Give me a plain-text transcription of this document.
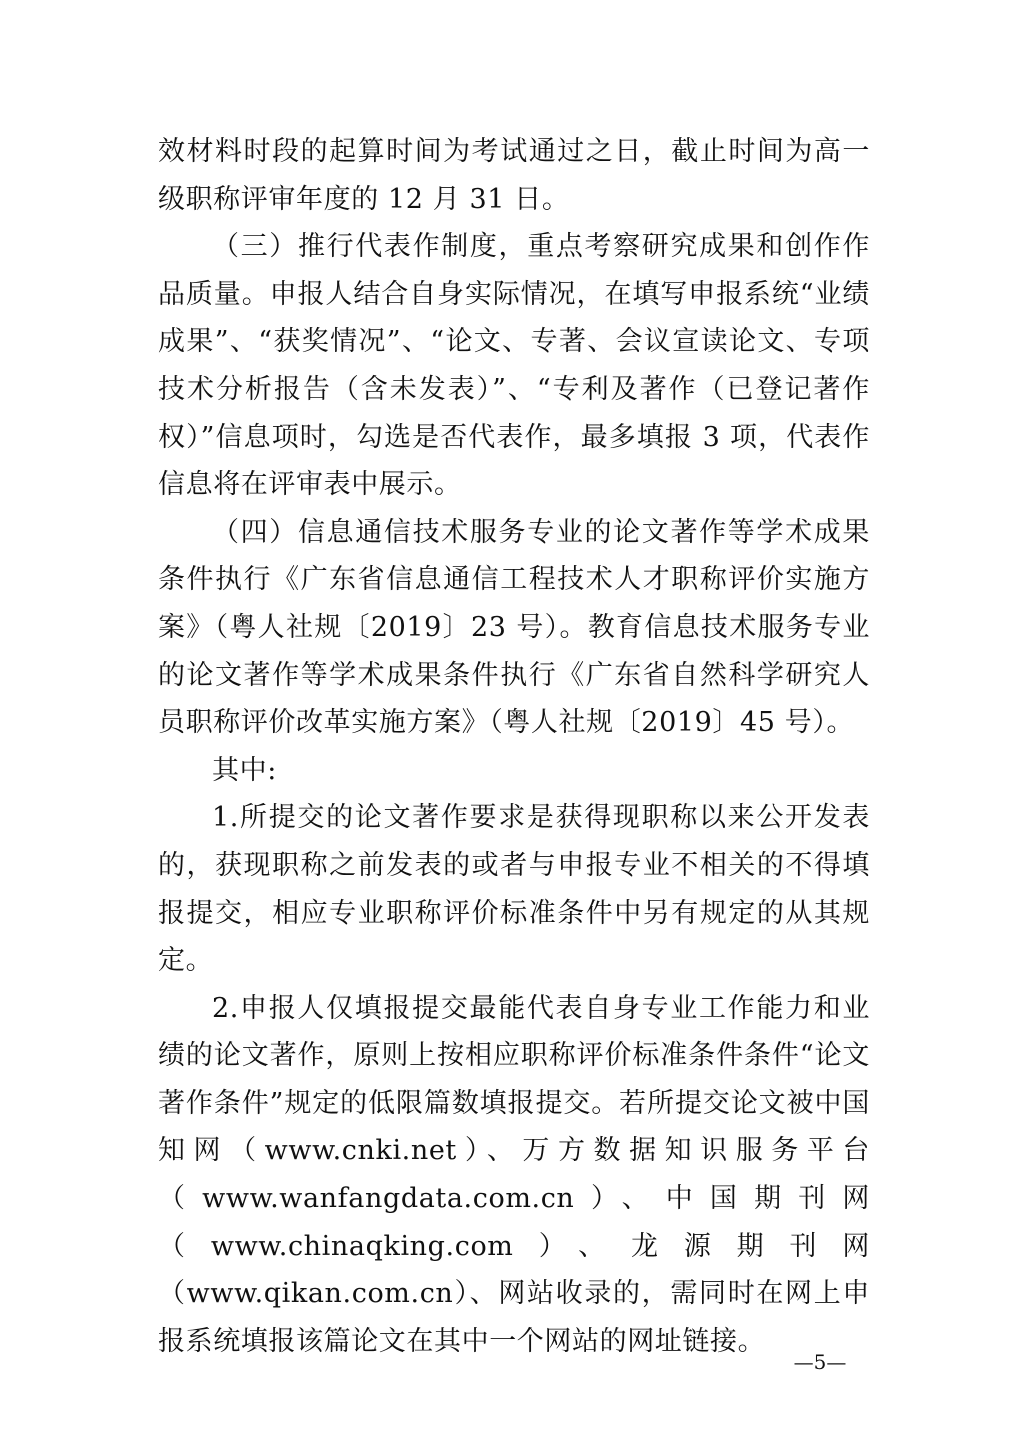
效材料时段的起算时间为考试通过之日，截止时间为高一级职称评审年度的 12 月 31 日。

（三）推行代表作制度，重点考察研究成果和创作作品质量。申报人结合自身实际情况，在填写申报系统“业绩成果”、“获奖情况”、“论文、专著、会议宣读论文、专项技术分析报告（含未发表）”、“专利及著作（已登记著作权）”信息项时，勾选是否代表作，最多填报 3 项，代表作信息将在评审表中展示。

（四）信息通信技术服务专业的论文著作等学术成果条件执行《广东省信息通信工程技术人才职称评价实施方案》（粤人社规〔2019〕23 号）。教育信息技术服务专业的论文著作等学术成果条件执行《广东省自然科学研究人员职称评价改革实施方案》（粤人社规〔2019〕45 号）。

其中:

1.所提交的论文著作要求是获得现职称以来公开发表的，获现职称之前发表的或者与申报专业不相关的不得填报提交，相应专业职称评价标准条件中另有规定的从其规定。

2.申报人仅填报提交最能代表自身专业工作能力和业绩的论文著作，原则上按相应职称评价标准条件条件“论文著作条件”规定的低限篇数填报提交。若所提交论文被中国知网（www.cnki.net）、万方数据知识服务平台（www.wanfangdata.com.cn）、中国期刊网（www.chinaqking.com）、龙源期刊网（www.qikan.com.cn）、网站收录的，需同时在网上申报系统填报该篇论文在其中一个网站的网址链接。

—5—
